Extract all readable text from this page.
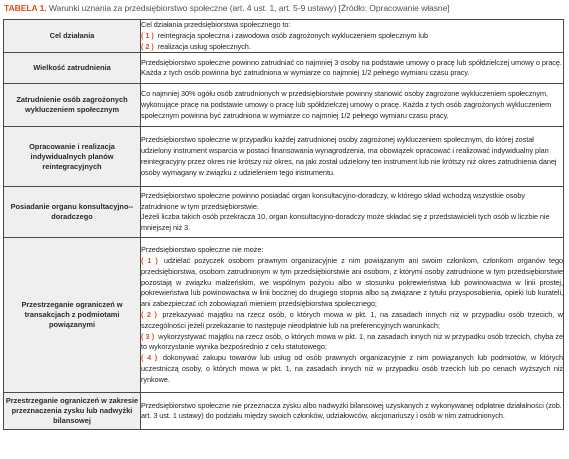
TABELA 1. Warunki uznania za przedsiębiorstwo społeczne (art. 4 ust. 1, art. 5-9 ustawy) [Źródło: Opracowanie własne]
Cel działania	Cel działania przedsiębiorstwa społecznego to:
( 1 ) reintegracja społeczna i zawodowa osób zagrożonych wykluczeniem społecznym lub
( 2 ) realizacja usług społecznych.

Wielkość zatrudnienia	Przedsiębiorstwo społeczne powinno zatrudniać co najmniej 3 osoby na podstawie umowy o pracę lub spółdzielczej umowy o pracę. Każda z tych osób powinna być zatrudniona w wymiarze co najmniej 1/2 pełnego wymiaru czasu pracy.

Zatrudnienie osób zagrożonych wykluczeniem społecznym	Co najmniej 30% ogółu osób zatrudnionych w przedsiębiorstwie powinny stanowić osoby zagrożone wykluczeniem społecznym, wykonujące pracę na podstawie umowy o pracę lub spółdzielczej umowy o pracę. Każda z tych osób zagrożonych wykluczeniem społecznym powinna być zatrudniona w wymiarze co najmniej 1/2 pełnego wymiaru czasu pracy.

Opracowanie i realizacja indywidualnych planów reintegracyjnych	Przedsiębiorstwo społeczne w przypadku każdej zatrudnionej osoby zagrożonej wykluczeniem społecznym, do której został udzielony instrument wsparcia w postaci finansowania wynagrodzenia, ma obowiązek opracować i realizować indywidualny plan reintegracyjny przez okres nie krótszy niż okres, na jaki został udzielony ten instrument lub nie krótszy niż okres zatrudnienia danej osoby wymagany w związku z udzieleniem tego instrumentu.

Posiadanie organu konsultacyjno--doradczego	Przedsiębiorstwo społeczne powinno posiadać organ konsultacyjno-doradczy, w którego skład wchodzą wszystkie osoby zatrudnione w tym przedsiębiorstwie.
Jeżeli liczba takich osób przekracza 10, organ konsultacyjno-doradczy może składać się z przedstawicieli tych osób w liczbie nie mniejszej niż 3.

Przestrzeganie ograniczeń w transakcjach z podmiotami powiązanymi	Przedsiębiorstwo społeczne nie może:
( 1 ) udzielać pożyczek osobom prawnym organizacyjnie z nim powiązanym ani swoim członkom, członkom organów tego przedsiębiorstwa, osobom zatrudnionym w tym przedsiębiorstwie ani osobom, z którymi osoby zatrudnione w tym przedsiębiorstwie pozostają w związku małżeńskim, we wspólnym pożyciu albo w stosunku pokrewieństwa lub powinowactwa w linii prostej, pokrewieństwa lub powinowactwa w linii bocznej do drugiego stopnia albo są związane z tytułu przysposobienia, opieki lub kurateli, ani zabezpieczać ich zobowiązań mieniem przedsiębiorstwa społecznego;
( 2 ) przekazywać majątku na rzecz osób, o których mowa w pkt. 1, na zasadach innych niż w przypadku osób trzecich, w szczególności jeżeli przekazanie to następuje nieodpłatnie lub na preferencyjnych warunkach;
( 3 ) wykorzystywać majątku na rzecz osób, o których mowa w pkt. 1, na zasadach innych niż w przypadku osób trzecich, chyba że to wykorzystanie wynika bezpośrednio z celu statutowego;
( 4 ) dokonywać zakupu towarów lub usług od osób prawnych organizacyjnie z nim powiązanych lub podmiotów, w których uczestniczą osoby, o których mowa w pkt. 1, na zasadach innych niż w przypadku osób trzecich lub po cenach wyższych niż rynkowe.

Przestrzeganie ograniczeń w zakresie przeznaczenia zysku lub nadwyżki bilansowej	Przedsiębiorstwo społeczne nie przeznacza zysku albo nadwyżki bilansowej uzyskanych z wykonywanej odpłatnie działalności (zob. art. 3 ust. 1 ustawy) do podziału między swoich członków, udziałowców, akcjonariuszy i osób w nim zatrudnionych.
